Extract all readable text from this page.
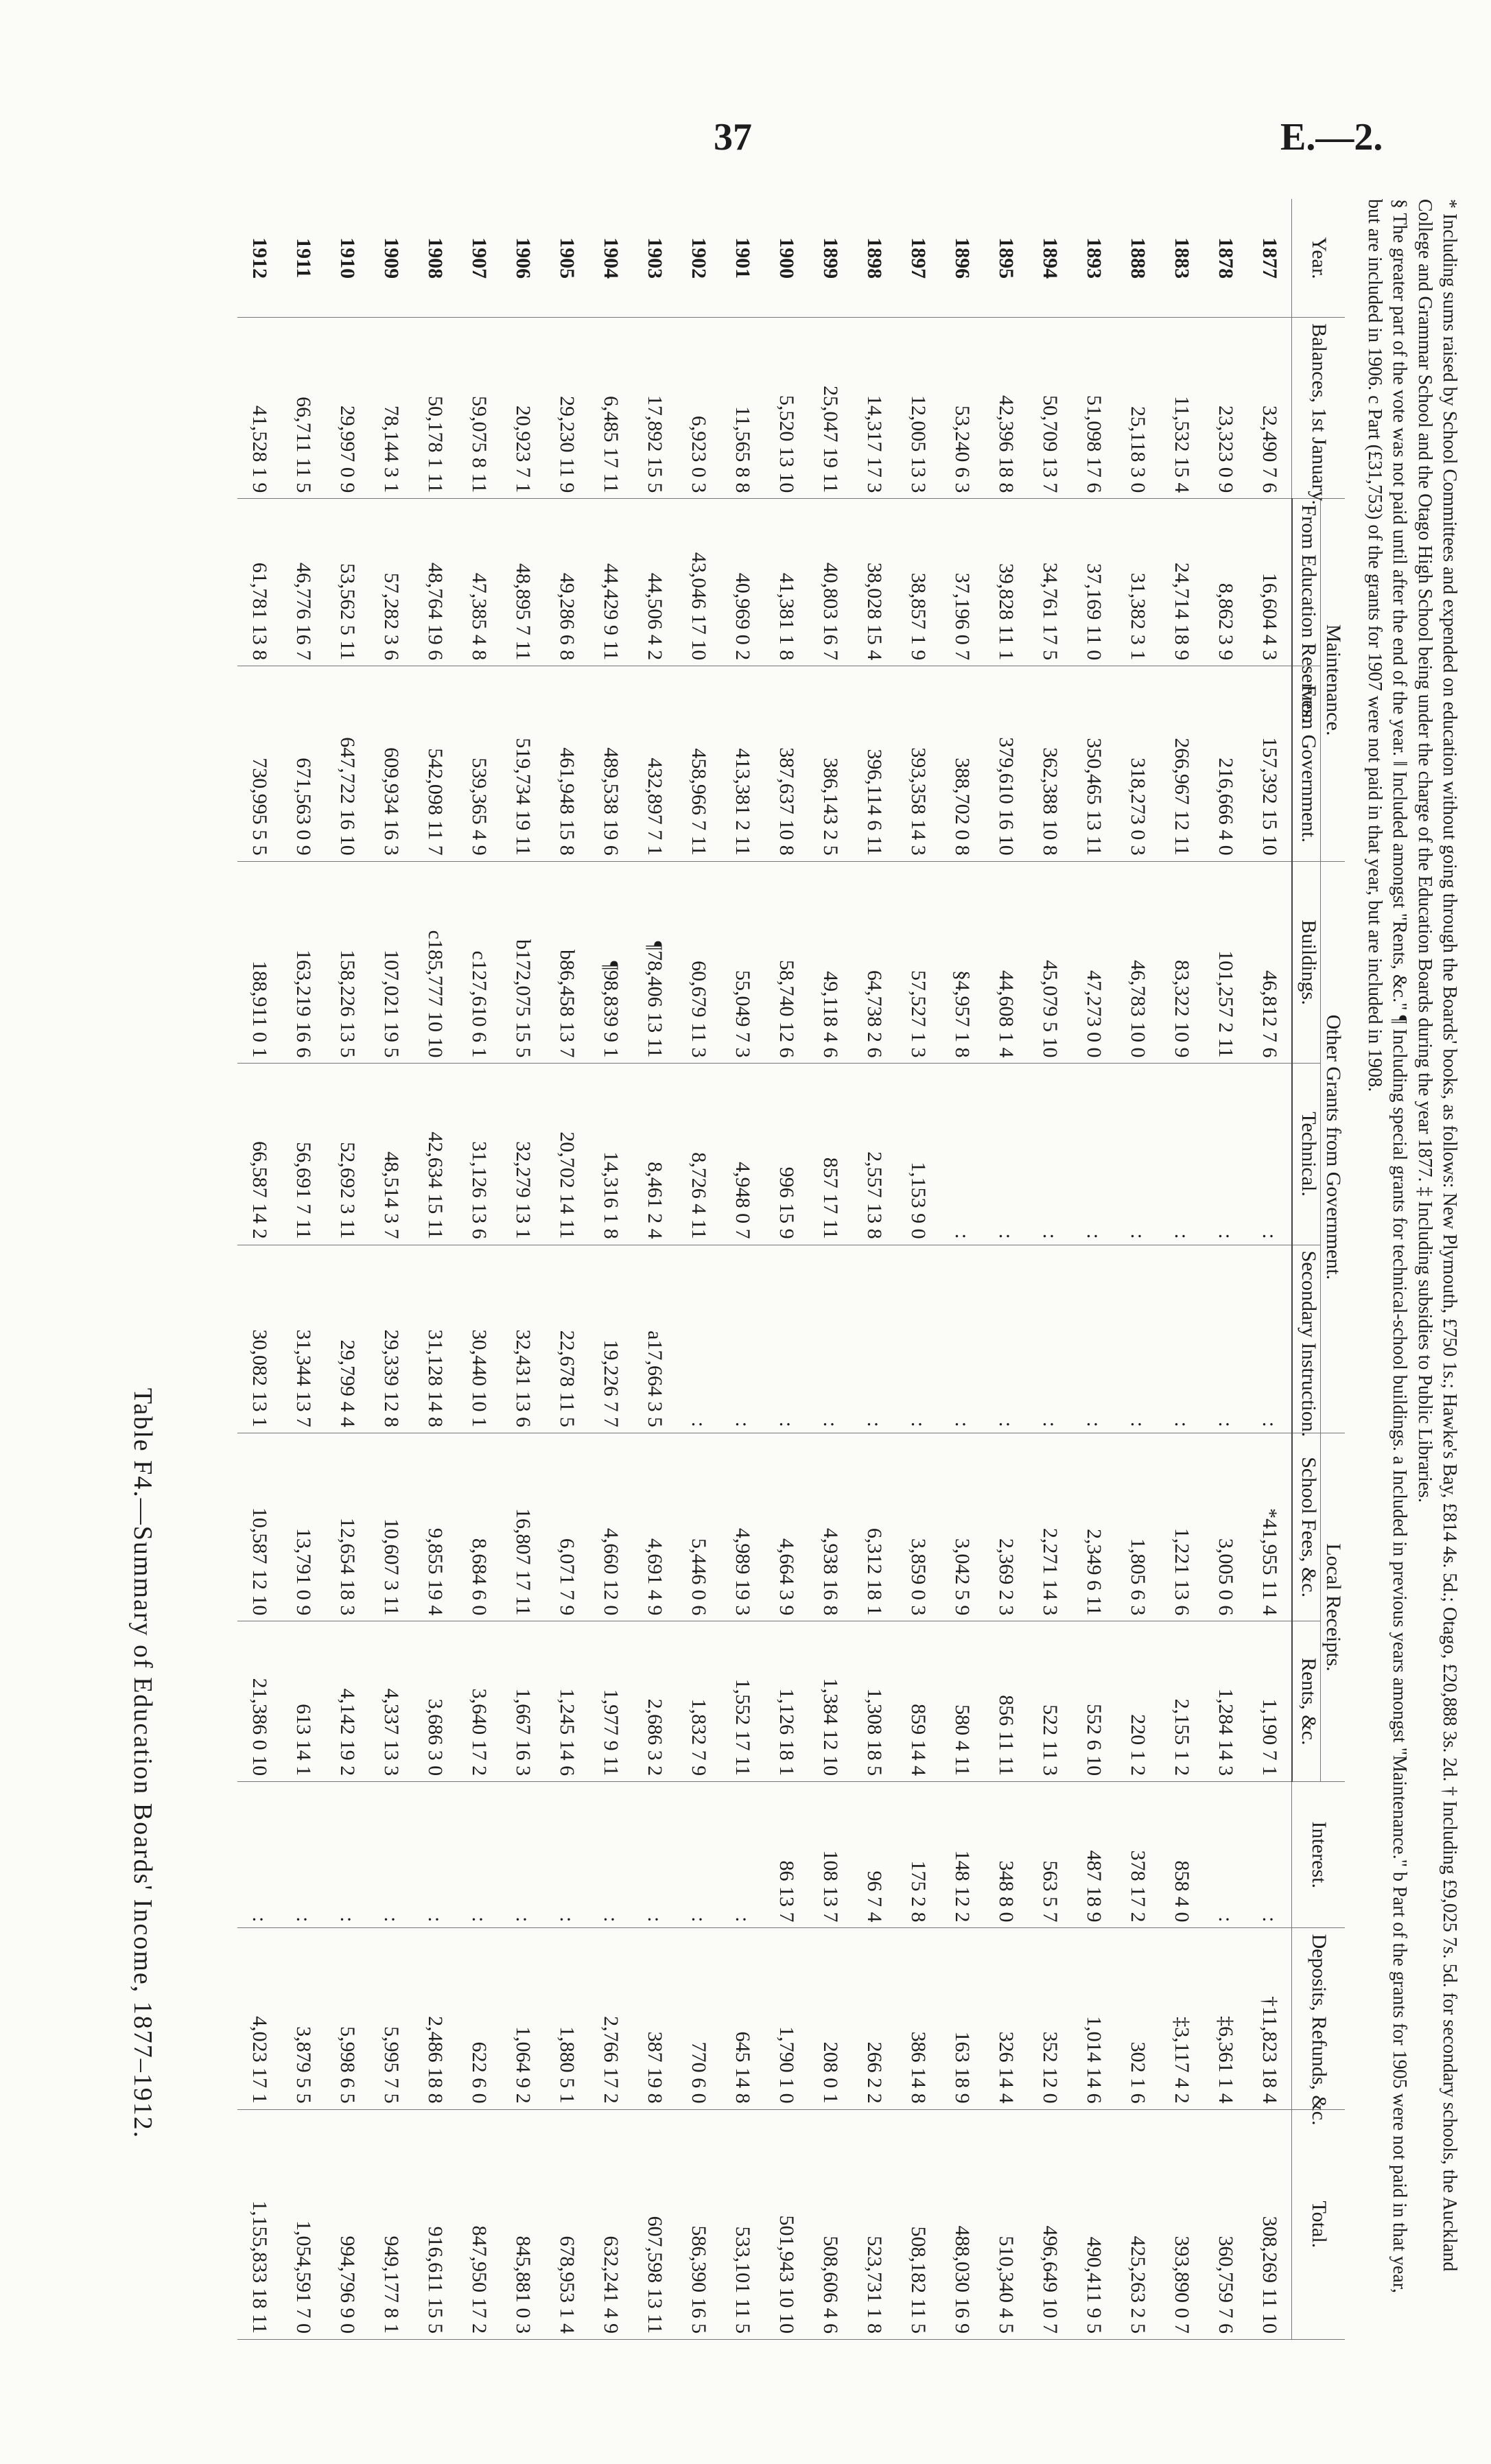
37	E.—2.

* Including sums raised by School Committees and expended on education without going through the Boards' books, as follows: New Plymouth, £750 1s.; Hawke's Bay, £814 4s. 5d.; Otago, £20,888 3s. 2d. † Including £9,025 7s. 5d. for secondary schools, the Auckland College and Grammar School and the Otago High School being under the charge of the Education Boards during the year 1877. ‡ Including subsidies to Public Libraries.

§ The greater part of the vote was not paid until after the end of the year. ‖ Included amongst "Rents, &c." ¶ Including special grants for technical-school buildings. a Included in previous years amongst "Maintenance." b Part of the grants for 1905 were not paid in that year, but are included in 1906. c Part (£31,753) of the grants for 1907 were not paid in that year, but are included in 1908.

Year.	Balances, 1st January.	Maintenance.		Other Grants from Government.			Local Receipts.		Interest.	Deposits, Refunds, &c.	Total.
		From Education Reserves.	From Government.	Buildings.	Technical.	Secondary Instruction.	School Fees, &c.	Rents, &c.			
1877	32,490 7 6	16,604 4 3	157,392 15 10	46,812 7 6	:	:	*41,955 11 4	1,190 7 1	:	†11,823 18 4	308,269 11 10
1878	23,323 0 9	8,862 3 9	216,666 4 0	101,257 2 11	:	:	3,005 0 6	1,284 14 3	:	‡6,361 1 4	360,759 7 6
1883	11,532 15 4	24,714 18 9	266,967 12 11	83,322 10 9	:	:	1,221 13 6	2,155 1 2	858 4 0	‡3,117 4 2	393,890 0 7
1888	25,118 3 0	31,382 3 1	318,273 0 3	46,783 10 0	:	:	1,805 6 3	220 1 2	378 17 2	302 1 6	425,263 2 5
1893	51,098 17 6	37,169 11 0	350,465 13 11	47,273 0 0	:	:	2,349 6 11	552 6 10	487 18 9	1,014 14 6	490,411 9 5
1894	50,709 13 7	34,761 17 5	362,388 10 8	45,079 5 10	:	:	2,271 14 3	522 11 3	563 5 7	352 12 0	496,649 10 7
1895	42,396 18 8	39,828 11 1	379,610 16 10	44,608 1 4	:	:	2,369 2 3	856 11 11	348 8 0	326 14 4	510,340 4 5
1896	53,240 6 3	37,196 0 7	388,702 0 8	§4,957 1 8	:	:	3,042 5 9	580 4 11	148 12 2	163 18 9	488,030 16 9
1897	12,005 13 3	38,857 1 9	393,358 14 3	57,527 1 3	1,153 9 0	:	3,859 0 3	859 14 4	175 2 8	386 14 8	508,182 11 5
1898	14,317 17 3	38,028 15 4	396,114 6 11	64,738 2 6	2,557 13 8	:	6,312 18 1	1,308 18 5	96 7 4	266 2 2	523,731 1 8
1899	25,047 19 11	40,803 16 7	386,143 2 5	49,118 4 6	857 17 11	:	4,938 16 8	1,384 12 10	108 13 7	208 0 1	508,606 4 6
1900	5,520 13 10	41,381 1 8	387,637 10 8	58,740 12 6	996 15 9	:	4,664 3 9	1,126 18 1	86 13 7	1,790 1 0	501,943 10 10
1901	11,565 8 8	40,969 0 2	413,381 2 11	55,049 7 3	4,948 0 7	:	4,989 19 3	1,552 17 11	:	645 14 8	533,101 11 5
1902	6,923 0 3	43,046 17 10	458,966 7 11	60,679 11 3	8,726 4 11	:	5,446 0 6	1,832 7 9	:	770 6 0	586,390 16 5
1903	17,892 15 5	44,506 4 2	432,897 7 1	¶78,406 13 11	8,461 2 4	a17,664 3 5	4,691 4 9	2,686 3 2	:	387 19 8	607,598 13 11
1904	6,485 17 11	44,429 9 11	489,538 19 6	¶98,839 9 1	14,316 1 8	19,226 7 7	4,660 12 0	1,977 9 11	:	2,766 17 2	632,241 4 9
1905	29,230 11 9	49,286 6 8	461,948 15 8	b86,458 13 7	20,702 14 11	22,678 11 5	6,071 7 9	1,245 14 6	:	1,880 5 1	678,953 1 4
1906	20,923 7 1	48,895 7 11	519,734 19 11	b172,075 15 5	32,279 13 1	32,431 13 6	16,807 17 11	1,667 16 3	:	1,064 9 2	845,881 0 3
1907	59,075 8 11	47,385 4 8	539,365 4 9	c127,610 6 1	31,126 13 6	30,440 10 1	8,684 6 0	3,640 17 2	:	622 6 0	847,950 17 2
1908	50,178 1 11	48,764 19 6	542,098 11 7	c185,777 10 10	42,634 15 11	31,128 14 8	9,855 19 4	3,686 3 0	:	2,486 18 8	916,611 15 5
1909	78,144 3 1	57,282 3 6	609,934 16 3	107,021 19 5	48,514 3 7	29,339 12 8	10,607 3 11	4,337 13 3	:	5,995 7 5	949,177 8 1
1910	29,997 0 9	53,562 5 11	647,722 16 10	158,226 13 5	52,692 3 11	29,799 4 4	12,654 18 3	4,142 19 2	:	5,998 6 5	994,796 9 0
1911	66,711 11 5	46,776 16 7	671,563 0 9	163,219 16 6	56,691 7 11	31,344 13 7	13,791 0 9	613 14 1	:	3,879 5 5	1,054,591 7 0
1912	41,528 1 9	61,781 13 8	730,995 5 5	188,911 0 1	66,587 14 2	30,082 13 1	10,587 12 10	21,386 0 10	:	4,023 17 1	1,155,833 18 11
Table F4.—Summary of Education Boards' Income, 1877–1912.
